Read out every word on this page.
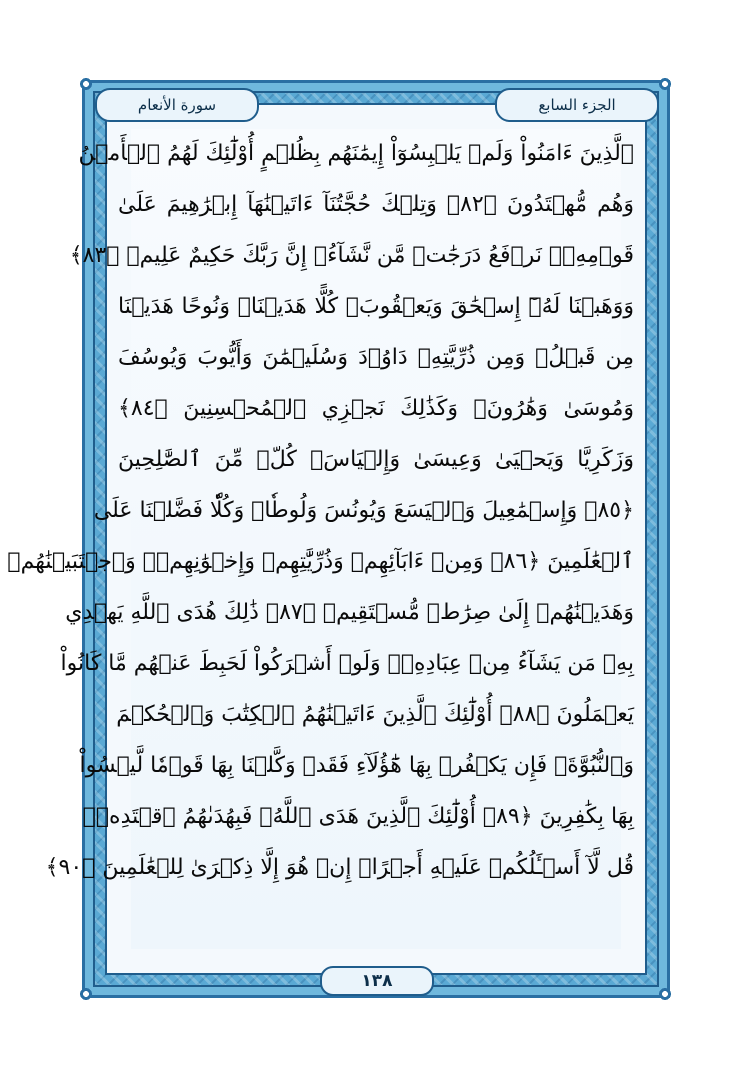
الجزء السابع
سورة الأنعام
ٱلَّذِينَ ءَامَنُواْ وَلَمۡ يَلۡبِسُوٓاْ إِيمَٰنَهُم بِظُلۡمٍ أُوْلَٰٓئِكَ لَهُمُ ٱلۡأَمۡنُ
وَهُم مُّهۡتَدُونَ ﴿٨٢﴾ وَتِلۡكَ حُجَّتُنَآ ءَاتَيۡنَٰهَآ إِبۡرَٰهِيمَ عَلَىٰ
قَوۡمِهِۦۚ نَرۡفَعُ دَرَجَٰتٖ مَّن نَّشَآءُۗ إِنَّ رَبَّكَ حَكِيمٌ عَلِيمٞ ﴿٨٣﴾
وَوَهَبۡنَا لَهُۥٓ إِسۡحَٰقَ وَيَعۡقُوبَۚ كُلًّا هَدَيۡنَاۚ وَنُوحًا هَدَيۡنَا
مِن قَبۡلُۖ وَمِن ذُرِّيَّتِهِۦ دَاوُۥدَ وَسُلَيۡمَٰنَ وَأَيُّوبَ وَيُوسُفَ
وَمُوسَىٰ وَهَٰرُونَۚ وَكَذَٰلِكَ نَجۡزِي ٱلۡمُحۡسِنِينَ ﴿٨٤﴾
وَزَكَرِيَّا وَيَحۡيَىٰ وَعِيسَىٰ وَإِلۡيَاسَۖ كُلّٞ مِّنَ ٱلصَّٰلِحِينَ
﴿٨٥﴾ وَإِسۡمَٰعِيلَ وَٱلۡيَسَعَ وَيُونُسَ وَلُوطٗاۚ وَكُلّٗا فَضَّلۡنَا عَلَى
ٱلۡعَٰلَمِينَ ﴿٨٦﴾ وَمِنۡ ءَابَآئِهِمۡ وَذُرِّيَّٰتِهِمۡ وَإِخۡوَٰنِهِمۡۖ وَٱجۡتَبَيۡنَٰهُمۡ
وَهَدَيۡنَٰهُمۡ إِلَىٰ صِرَٰطٖ مُّسۡتَقِيمٖ ﴿٨٧﴾ ذَٰلِكَ هُدَى ٱللَّهِ يَهۡدِي
بِهِۦ مَن يَشَآءُ مِنۡ عِبَادِهِۦۚ وَلَوۡ أَشۡرَكُواْ لَحَبِطَ عَنۡهُم مَّا كَانُواْ
يَعۡمَلُونَ ﴿٨٨﴾ أُوْلَٰٓئِكَ ٱلَّذِينَ ءَاتَيۡنَٰهُمُ ٱلۡكِتَٰبَ وَٱلۡحُكۡمَ
وَٱلنُّبُوَّةَۚ فَإِن يَكۡفُرۡ بِهَا هَٰٓؤُلَآءِ فَقَدۡ وَكَّلۡنَا بِهَا قَوۡمٗا لَّيۡسُواْ
بِهَا بِكَٰفِرِينَ ﴿٨٩﴾ أُوْلَٰٓئِكَ ٱلَّذِينَ هَدَى ٱللَّهُۖ فَبِهُدَىٰهُمُ ٱقۡتَدِهۡۗ
قُل لَّآ أَسۡـَٔلُكُمۡ عَلَيۡهِ أَجۡرًاۖ إِنۡ هُوَ إِلَّا ذِكۡرَىٰ لِلۡعَٰلَمِينَ ﴿٩٠﴾
١٣٨
